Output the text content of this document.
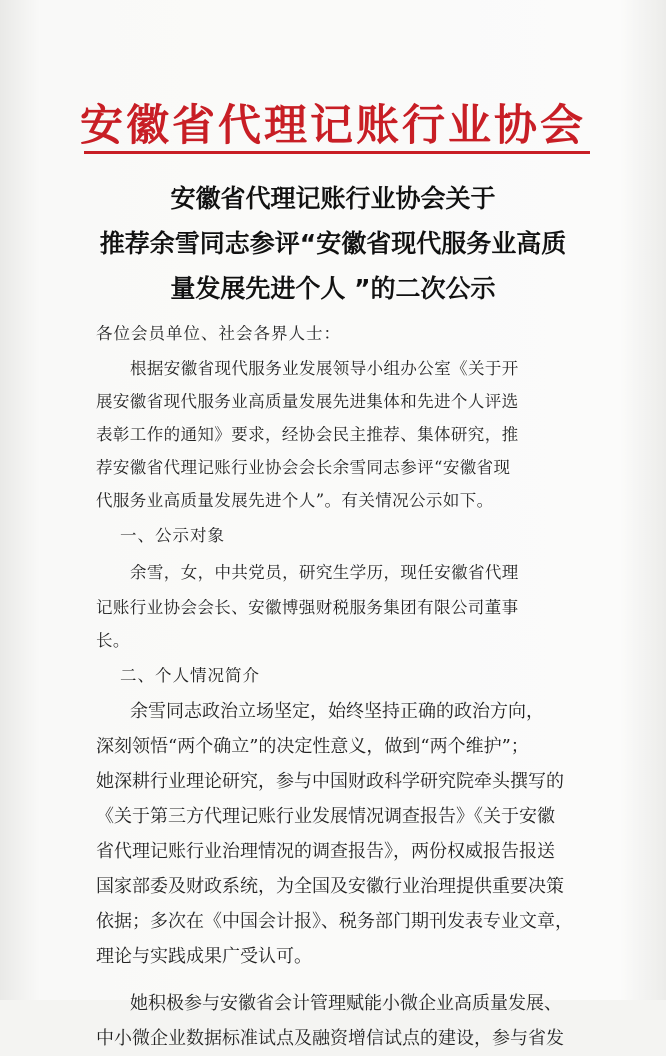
安徽省代理记账行业协会
安徽省代理记账行业协会关于
推荐余雪同志参评“安徽省现代服务业高质
量发展先进个人 ”的二次公示
各位会员单位、社会各界人士：
根据安徽省现代服务业发展领导小组办公室《关于开
展安徽省现代服务业高质量发展先进集体和先进个人评选
表彰工作的通知》要求，经协会民主推荐、集体研究，推
荐安徽省代理记账行业协会会长余雪同志参评“安徽省现
代服务业高质量发展先进个人”。有关情况公示如下。
一、公示对象
余雪，女，中共党员，研究生学历，现任安徽省代理
记账行业协会会长、安徽博强财税服务集团有限公司董事
长。
二、个人情况简介
余雪同志政治立场坚定，始终坚持正确的政治方向，
深刻领悟“两个确立”的决定性意义，做到“两个维护”；
她深耕行业理论研究，参与中国财政科学研究院牵头撰写的
《关于第三方代理记账行业发展情况调查报告》《关于安徽
省代理记账行业治理情况的调查报告》，两份权威报告报送
国家部委及财政系统，为全国及安徽行业治理提供重要决策
依据；多次在《中国会计报》、税务部门期刊发表专业文章，
理论与实践成果广受认可。
她积极参与安徽省会计管理赋能小微企业高质量发展、
中小微企业数据标准试点及融资增信试点的建设，参与省发
